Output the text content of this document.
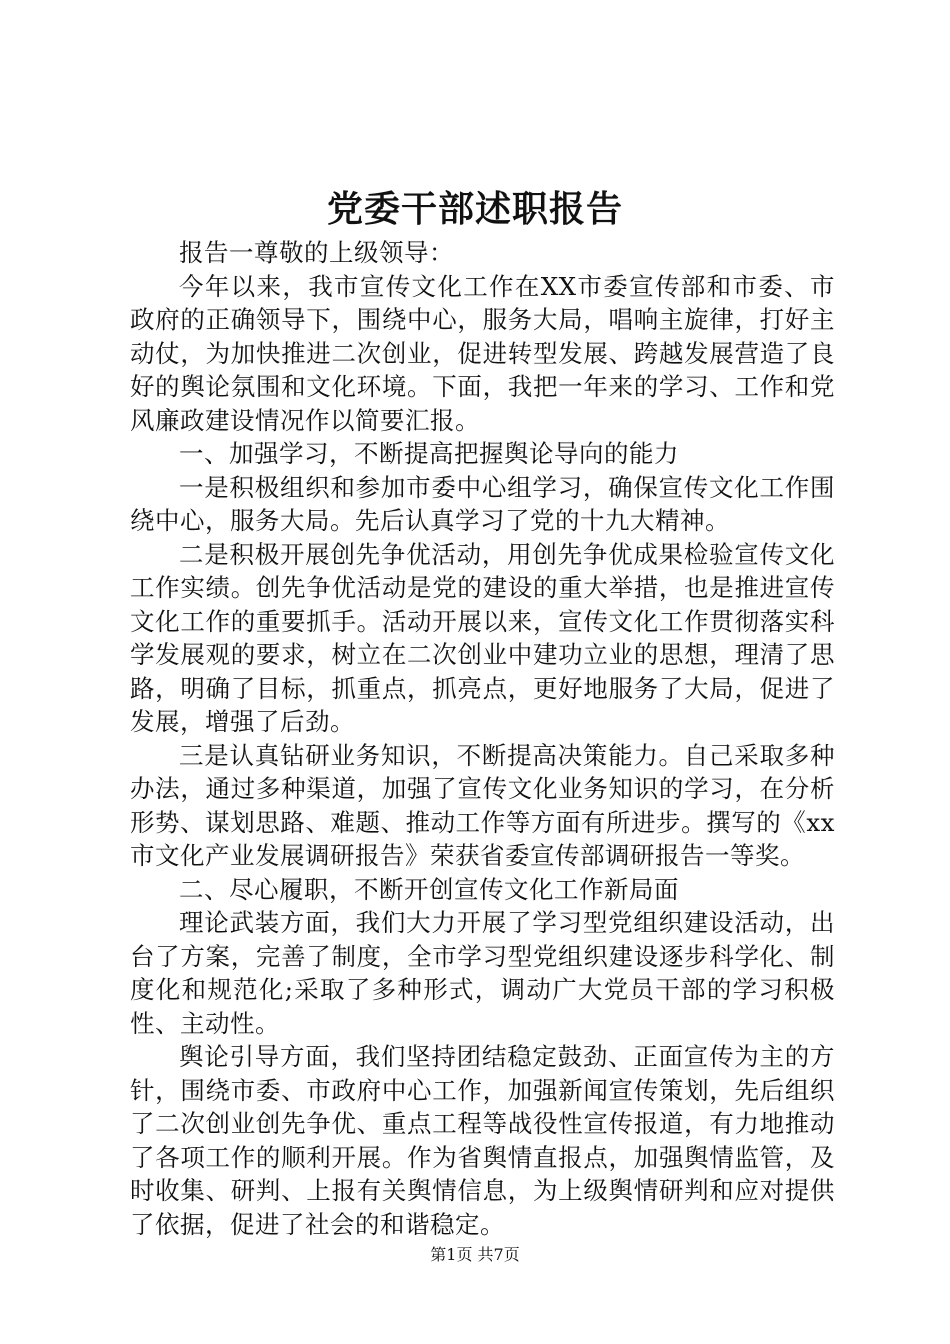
党委干部述职报告

报告一尊敬的上级领导：

今年以来，我市宣传文化工作在XX市委宣传部和市委、市政府的正确领导下，围绕中心，服务大局，唱响主旋律，打好主动仗，为加快推进二次创业，促进转型发展、跨越发展营造了良好的舆论氛围和文化环境。下面，我把一年来的学习、工作和党风廉政建设情况作以简要汇报。

一、加强学习，不断提高把握舆论导向的能力

一是积极组织和参加市委中心组学习，确保宣传文化工作围绕中心，服务大局。先后认真学习了党的十九大精神。

二是积极开展创先争优活动，用创先争优成果检验宣传文化工作实绩。创先争优活动是党的建设的重大举措，也是推进宣传文化工作的重要抓手。活动开展以来，宣传文化工作贯彻落实科学发展观的要求，树立在二次创业中建功立业的思想，理清了思路，明确了目标，抓重点，抓亮点，更好地服务了大局，促进了发展，增强了后劲。

三是认真钻研业务知识，不断提高决策能力。自己采取多种办法，通过多种渠道，加强了宣传文化业务知识的学习，在分析形势、谋划思路、难题、推动工作等方面有所进步。撰写的《xx市文化产业发展调研报告》荣获省委宣传部调研报告一等奖。

二、尽心履职，不断开创宣传文化工作新局面

理论武装方面，我们大力开展了学习型党组织建设活动，出台了方案，完善了制度，全市学习型党组织建设逐步科学化、制度化和规范化;采取了多种形式，调动广大党员干部的学习积极性、主动性。

舆论引导方面，我们坚持团结稳定鼓劲、正面宣传为主的方针，围绕市委、市政府中心工作，加强新闻宣传策划，先后组织了二次创业创先争优、重点工程等战役性宣传报道，有力地推动了各项工作的顺利开展。作为省舆情直报点，加强舆情监管，及时收集、研判、上报有关舆情信息，为上级舆情研判和应对提供了依据，促进了社会的和谐稳定。

第1页 共7页
